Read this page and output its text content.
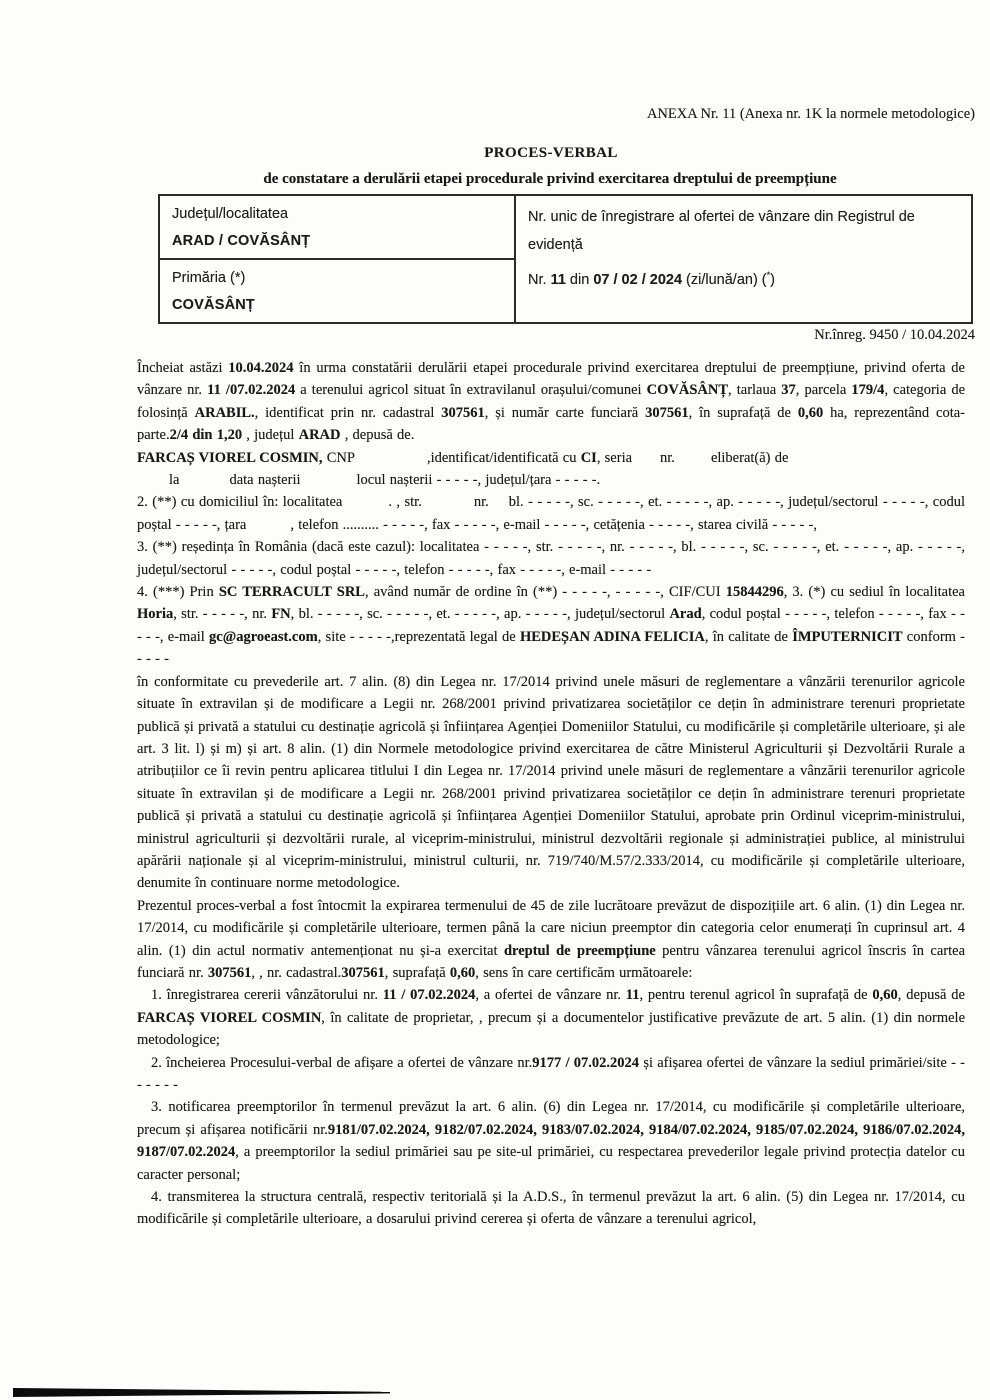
ANEXA Nr. 11 (Anexa nr. 1K la normele metodologice)
PROCES-VERBAL
de constatare a derulării etapei procedurale privind exercitarea dreptului de preempțiune
Județul/localitatea
ARAD / COVĂSÂNȚ

Nr. unic de înregistrare al ofertei de vânzare din Registrul de evidență
Nr. 11 din 07 / 02 / 2024 (zi/lună/an) (*)

Primăria (*)
COVĂSÂNȚ
Nr.înreg. 9450 / 10.04.2024

Încheiat astăzi 10.04.2024 în urma constatării derulării etapei procedurale privind exercitarea dreptului de preempțiune, privind oferta de vânzare nr. 11 /07.02.2024 a terenului agricol situat în extravilanul orașului/comunei COVĂSÂNȚ, tarlaua 37, parcela 179/4, categoria de folosință ARABIL., identificat prin nr. cadastral 307561, și număr carte funciară 307561, în suprafață de 0,60 ha, reprezentând cota-parte.2/4 din 1,20 , județul ARAD , depusă de.

FARCAȘ VIOREL COSMIN, CNP	,identificat/identificată cu CI, seria nr. eliberat(ă) de
la	data nașterii	locul nașterii - - - - -, județul/țara - - - - -.

2. (**) cu domiciliul în: localitatea	. , str.	nr. bl. - - - - -, sc. - - - - -, et. - - - - -, ap. - - - - -, județul/sectorul - - - - -, codul poștal - - - - -, țara	, telefon .......... - - - - -, fax - - - - -, e-mail - - - - -, cetățenia - - - - -, starea civilă - - - - -,

3. (**) reședința în România (dacă este cazul): localitatea - - - - -, str. - - - - -, nr. - - - - -, bl. - - - - -, sc. - - - - -, et. - - - - -, ap. - - - - -, județul/sectorul - - - - -, codul poștal - - - - -, telefon - - - - -, fax - - - - -, e-mail - - - - -

4. (***) Prin SC TERRACULT SRL, având număr de ordine în (**) - - - - -, - - - - -, CIF/CUI 15844296, 3. (*) cu sediul în localitatea Horia, str. - - - - -, nr. FN, bl. - - - - -, sc. - - - - -, et. - - - - -, ap. - - - - -, județul/sectorul Arad, codul poștal - - - - -, telefon - - - - -, fax - - - - -, e-mail gc@agroeast.com, site - - - - -,reprezentată legal de HEDEȘAN ADINA FELICIA, în calitate de ÎMPUTERNICIT conform - - - - -

în conformitate cu prevederile art. 7 alin. (8) din Legea nr. 17/2014 privind unele măsuri de reglementare a vânzării terenurilor agricole situate în extravilan și de modificare a Legii nr. 268/2001 privind privatizarea societăților ce dețin în administrare terenuri proprietate publică și privată a statului cu destinație agricolă și înființarea Agenției Domeniilor Statului, cu modificările și completările ulterioare, și ale art. 3 lit. l) și m) și art. 8 alin. (1) din Normele metodologice privind exercitarea de către Ministerul Agriculturii și Dezvoltării Rurale a atribuțiilor ce îi revin pentru aplicarea titlului I din Legea nr. 17/2014 privind unele măsuri de reglementare a vânzării terenurilor agricole situate în extravilan și de modificare a Legii nr. 268/2001 privind privatizarea societăților ce dețin în administrare terenuri proprietate publică și privată a statului cu destinație agricolă și înființarea Agenției Domeniilor Statului, aprobate prin Ordinul viceprim-ministrului, ministrul agriculturii și dezvoltării rurale, al viceprim-ministrului, ministrul dezvoltării regionale și administrației publice, al ministrului apărării naționale și al viceprim-ministrului, ministrul culturii, nr. 719/740/M.57/2.333/2014, cu modificările și completările ulterioare, denumite în continuare norme metodologice.

Prezentul proces-verbal a fost întocmit la expirarea termenului de 45 de zile lucrătoare prevăzut de dispozițiile art. 6 alin. (1) din Legea nr. 17/2014, cu modificările și completările ulterioare, termen până la care niciun preemptor din categoria celor enumerați în cuprinsul art. 4 alin. (1) din actul normativ antemenționat nu și-a exercitat dreptul de preempțiune pentru vânzarea terenului agricol înscris în cartea funciară nr. 307561, , nr. cadastral.307561, suprafață 0,60, sens în care certificăm următoarele:

1. înregistrarea cererii vânzătorului nr. 11 / 07.02.2024, a ofertei de vânzare nr. 11, pentru terenul agricol în suprafață de 0,60, depusă de FARCAȘ VIOREL COSMIN, în calitate de proprietar, , precum și a documentelor justificative prevăzute de art. 5 alin. (1) din normele metodologice;

2. încheierea Procesului-verbal de afișare a ofertei de vânzare nr.9177 / 07.02.2024 și afișarea ofertei de vânzare la sediul primăriei/site - - - - - - -

3. notificarea preemptorilor în termenul prevăzut la art. 6 alin. (6) din Legea nr. 17/2014, cu modificările și completările ulterioare, precum și afișarea notificării nr.9181/07.02.2024, 9182/07.02.2024, 9183/07.02.2024, 9184/07.02.2024, 9185/07.02.2024, 9186/07.02.2024, 9187/07.02.2024, a preemptorilor la sediul primăriei sau pe site-ul primăriei, cu respectarea prevederilor legale privind protecția datelor cu caracter personal;

4. transmiterea la structura centrală, respectiv teritorială și la A.D.S., în termenul prevăzut la art. 6 alin. (5) din Legea nr. 17/2014, cu modificările și completările ulterioare, a dosarului privind cererea și oferta de vânzare a terenului agricol,
